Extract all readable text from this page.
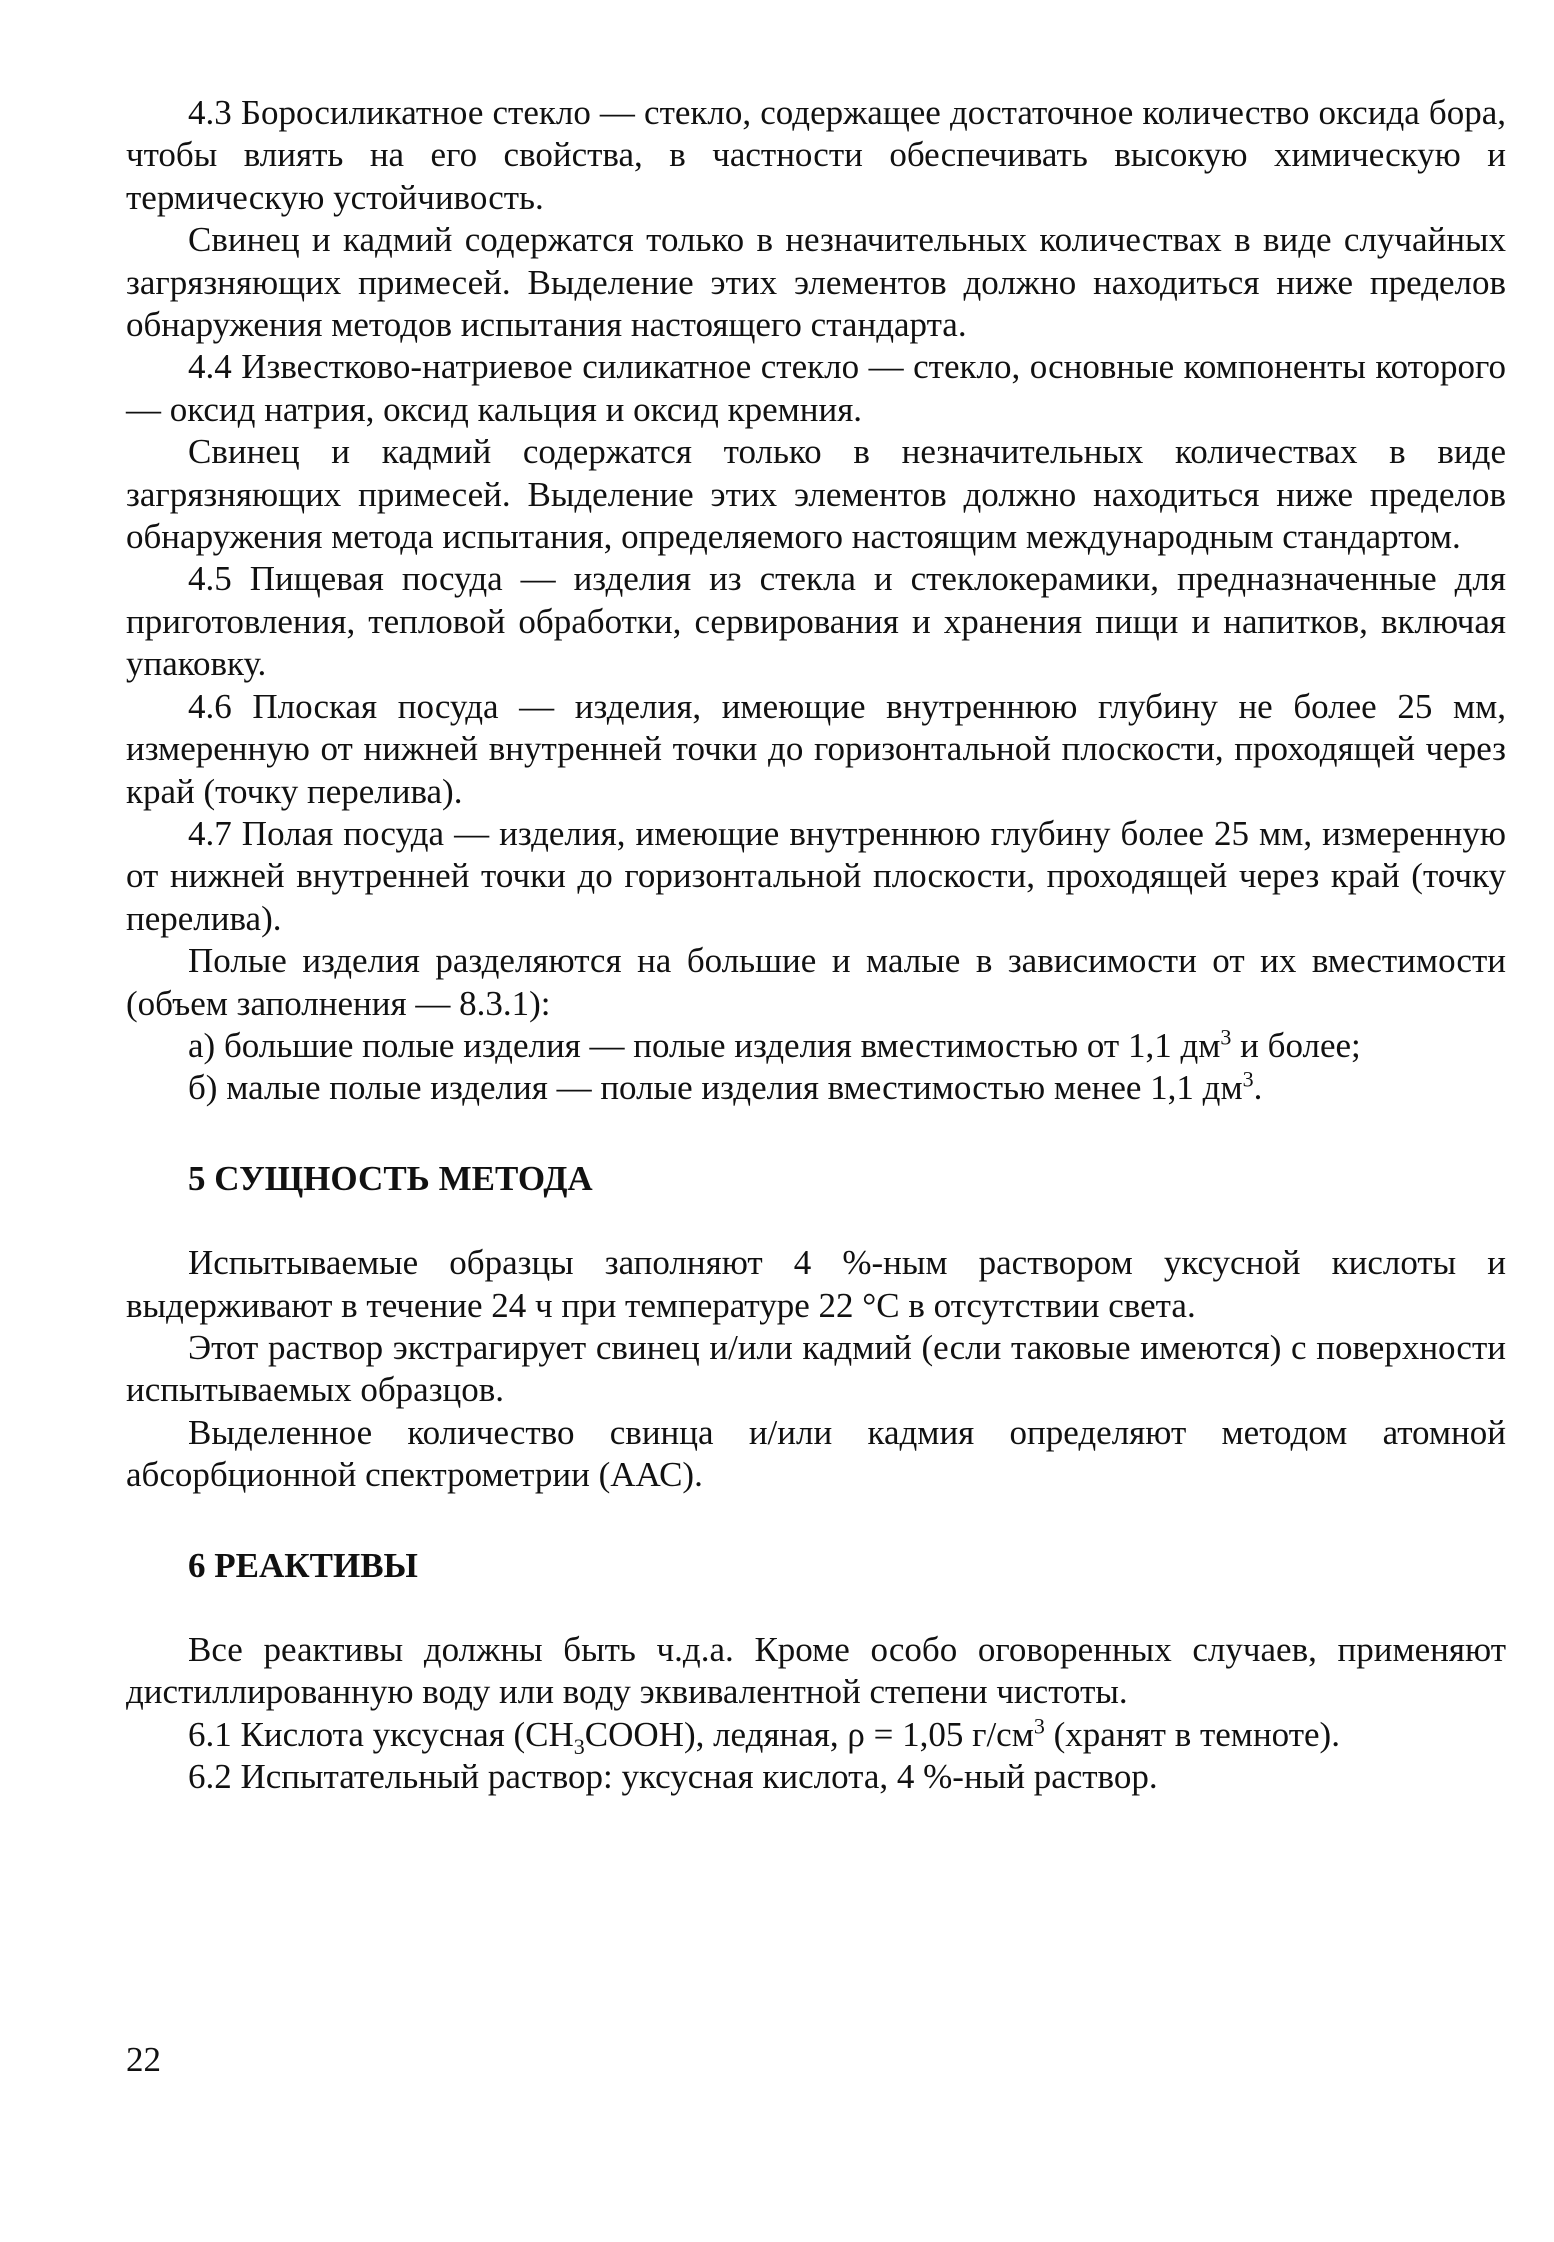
4.3 Боросиликатное стекло — стекло, содержащее достаточное количество оксида бора, чтобы влиять на его свойства, в частности обеспечивать высокую химическую и термическую устойчивость.

Свинец и кадмий содержатся только в незначительных количествах в виде случайных загрязняющих примесей. Выделение этих элементов должно находиться ниже пределов обнаружения методов испытания настоящего стандарта.

4.4 Известково-натриевое силикатное стекло — стекло, основные компоненты которого — оксид натрия, оксид кальция и оксид кремния.

Свинец и кадмий содержатся только в незначительных количествах в виде загрязняющих примесей. Выделение этих элементов должно находиться ниже пределов обнаружения метода испытания, определяемого настоящим международным стандартом.

4.5 Пищевая посуда — изделия из стекла и стеклокерамики, предназначенные для приготовления, тепловой обработки, сервирования и хранения пищи и напитков, включая упаковку.

4.6 Плоская посуда — изделия, имеющие внутреннюю глубину не более 25 мм, измеренную от нижней внутренней точки до горизонтальной плоскости, проходящей через край (точку перелива).

4.7 Полая посуда — изделия, имеющие внутреннюю глубину более 25 мм, измеренную от нижней внутренней точки до горизонтальной плоскости, проходящей через край (точку перелива).

Полые изделия разделяются на большие и малые в зависимости от их вместимости (объем заполнения — 8.3.1):

а) большие полые изделия — полые изделия вместимостью от 1,1 $дм^3$ и более;

б) малые полые изделия — полые изделия вместимостью менее 1,1 $дм^3$.

5 СУЩНОСТЬ МЕТОДА

Испытываемые образцы заполняют 4 %-ным раствором уксусной кислоты и выдерживают в течение 24 ч при температуре 22 °С в отсутствии света.

Этот раствор экстрагирует свинец и/или кадмий (если таковые имеются) с поверхности испытываемых образцов.

Выделенное количество свинца и/или кадмия определяют методом атомной абсорбционной спектрометрии (ААС).

6 РЕАКТИВЫ

Все реактивы должны быть ч.д.а. Кроме особо оговоренных случаев, применяют дистиллированную воду или воду эквивалентной степени чистоты.

6.1 Кислота уксусная $(CH_3COOH)$, ледяная, ρ = 1,05 $г/см^3$ (хранят в темноте).

6.2 Испытательный раствор: уксусная кислота, 4 %-ный раствор.

22
